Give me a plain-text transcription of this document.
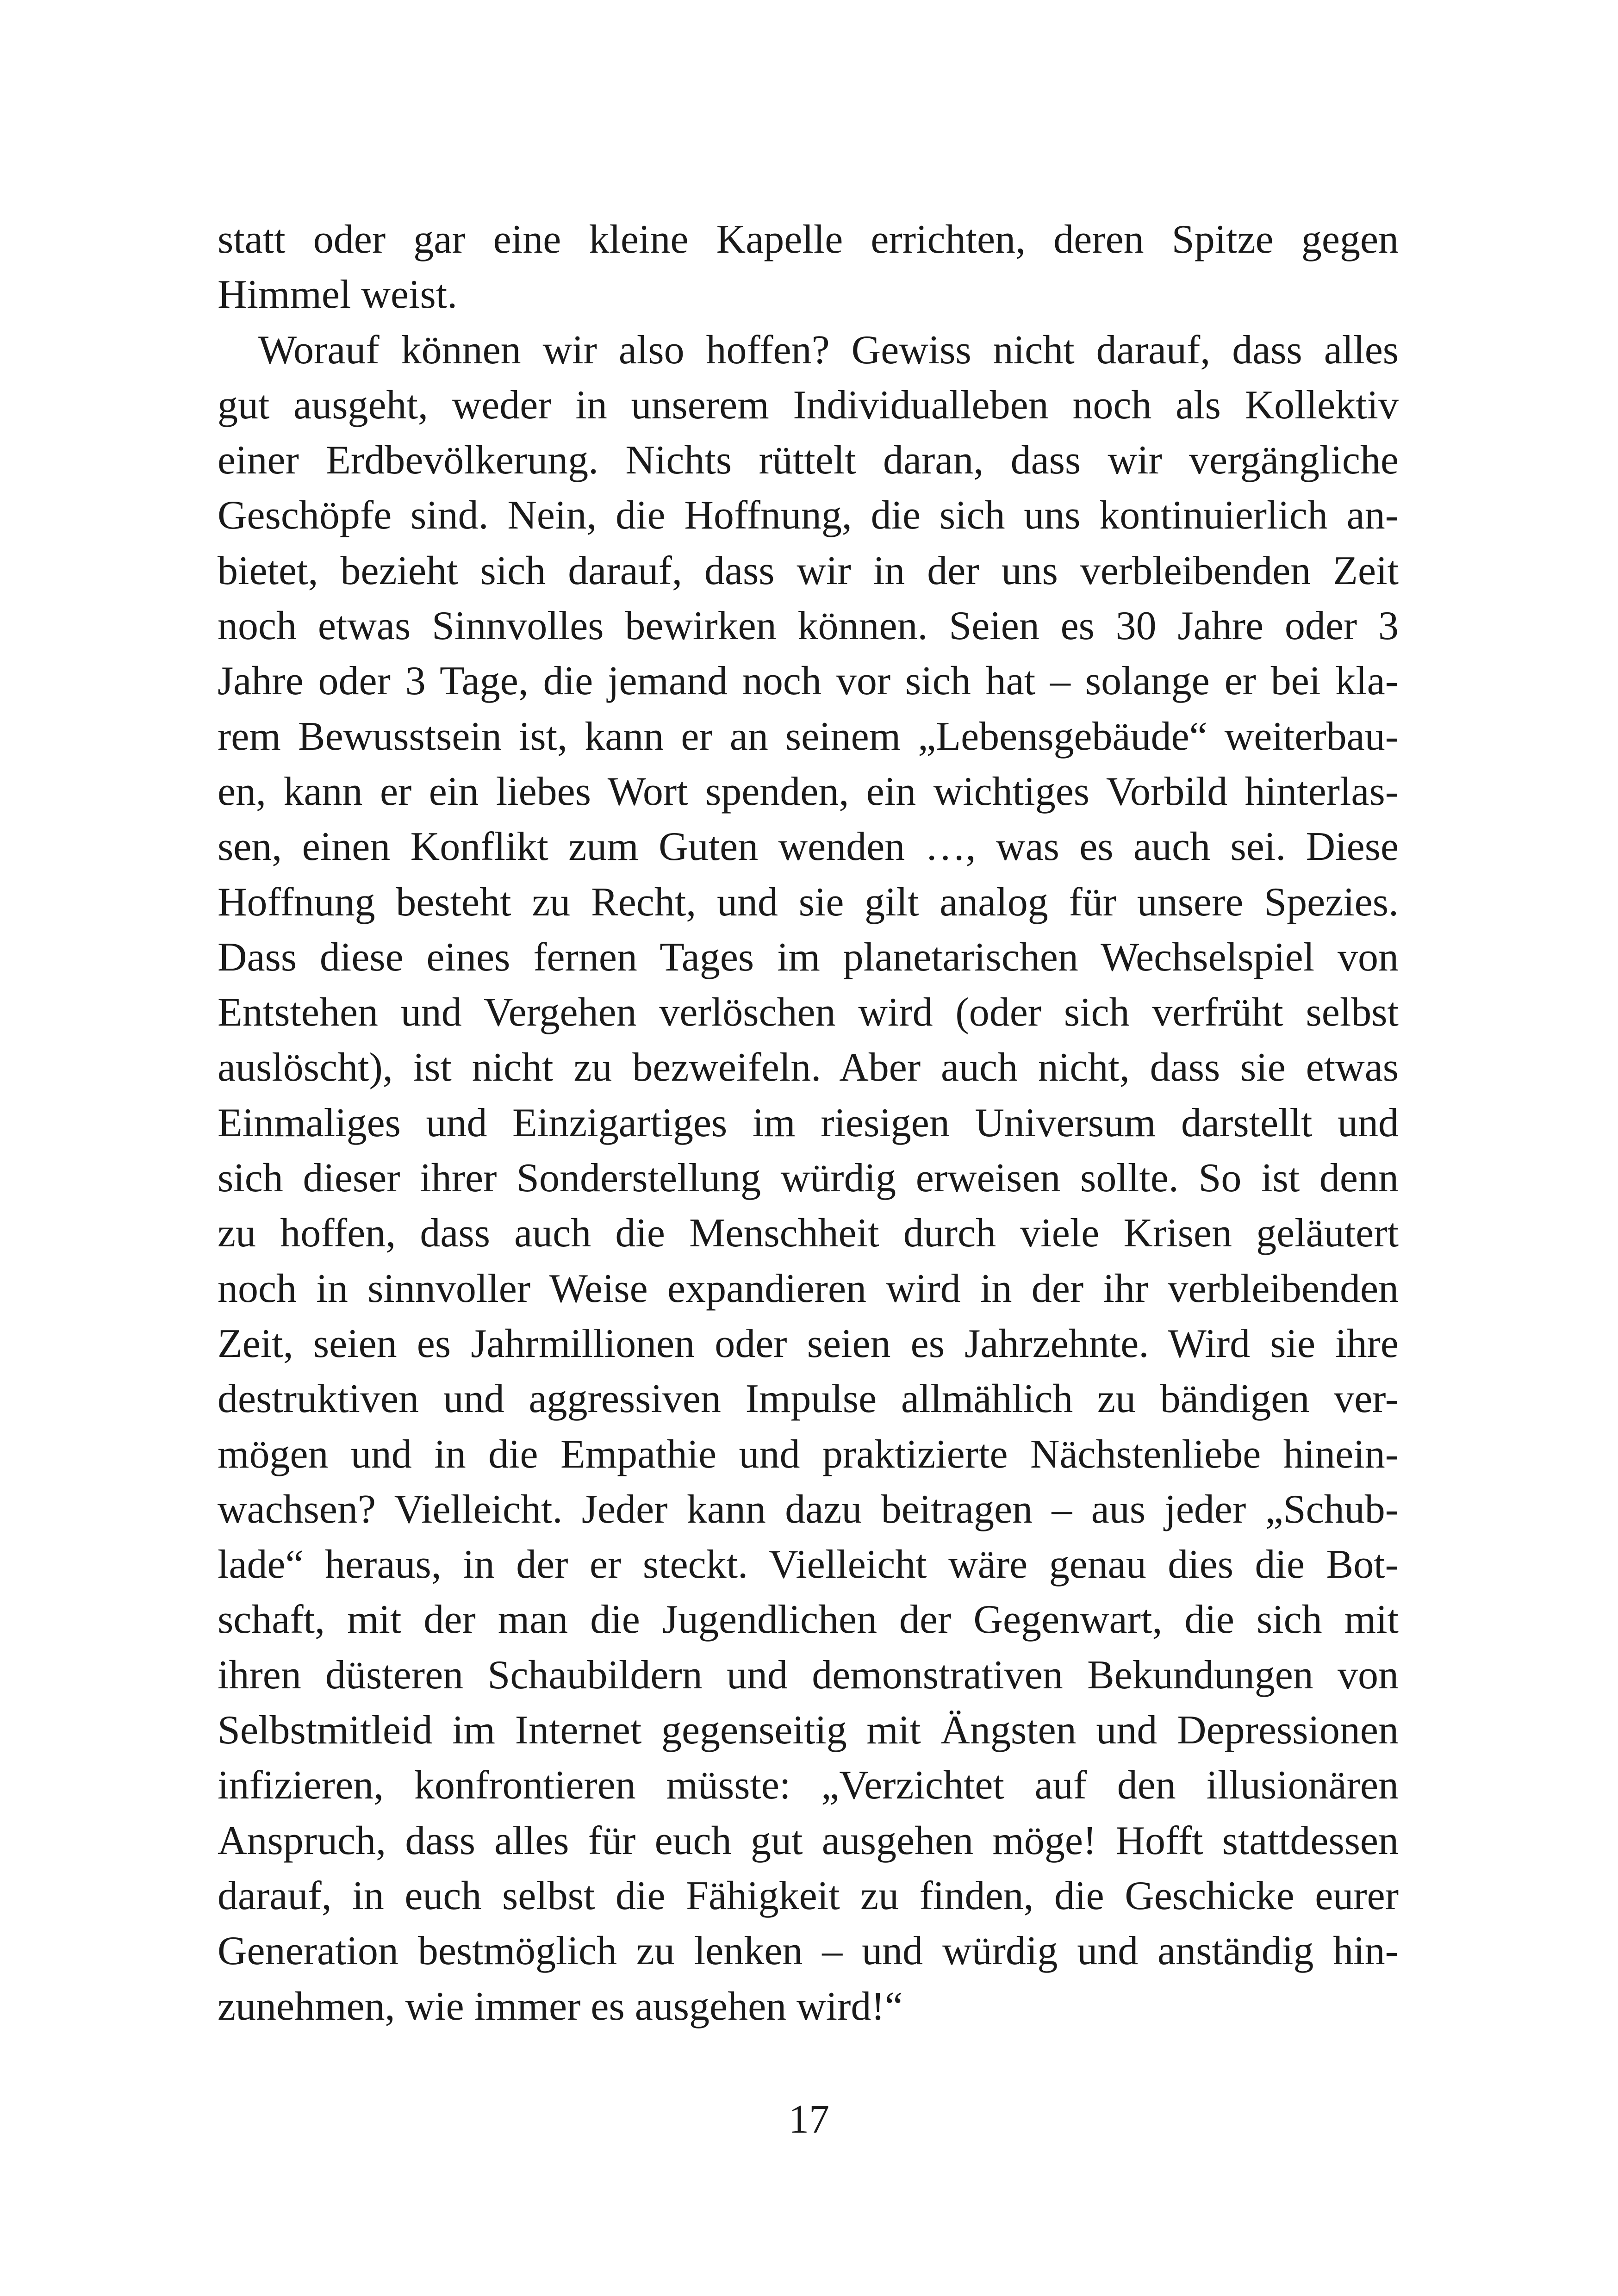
statt oder gar eine kleine Kapelle errichten, deren Spitze gegen
Himmel weist.
Worauf können wir also hoffen? Gewiss nicht darauf, dass alles
gut ausgeht, weder in unserem Individualleben noch als Kollektiv
einer Erdbevölkerung. Nichts rüttelt daran, dass wir vergängliche
Geschöpfe sind. Nein, die Hoffnung, die sich uns kontinuierlich an-
bietet, bezieht sich darauf, dass wir in der uns verbleibenden Zeit
noch etwas Sinnvolles bewirken können. Seien es 30 Jahre oder 3
Jahre oder 3 Tage, die jemand noch vor sich hat – solange er bei kla-
rem Bewusstsein ist, kann er an seinem „Lebensgebäude“ weiterbau-
en, kann er ein liebes Wort spenden, ein wichtiges Vorbild hinterlas-
sen, einen Konflikt zum Guten wenden …, was es auch sei. Diese
Hoffnung besteht zu Recht, und sie gilt analog für unsere Spezies.
Dass diese eines fernen Tages im planetarischen Wechselspiel von
Entstehen und Vergehen verlöschen wird (oder sich verfrüht selbst
auslöscht), ist nicht zu bezweifeln. Aber auch nicht, dass sie etwas
Einmaliges und Einzigartiges im riesigen Universum darstellt und
sich dieser ihrer Sonderstellung würdig erweisen sollte. So ist denn
zu hoffen, dass auch die Menschheit durch viele Krisen geläutert
noch in sinnvoller Weise expandieren wird in der ihr verbleibenden
Zeit, seien es Jahrmillionen oder seien es Jahrzehnte. Wird sie ihre
destruktiven und aggressiven Impulse allmählich zu bändigen ver-
mögen und in die Empathie und praktizierte Nächstenliebe hinein-
wachsen? Vielleicht. Jeder kann dazu beitragen – aus jeder „Schub-
lade“ heraus, in der er steckt. Vielleicht wäre genau dies die Bot-
schaft, mit der man die Jugendlichen der Gegenwart, die sich mit
ihren düsteren Schaubildern und demonstrativen Bekundungen von
Selbstmitleid im Internet gegenseitig mit Ängsten und Depressionen
infizieren, konfrontieren müsste: „Verzichtet auf den illusionären
Anspruch, dass alles für euch gut ausgehen möge! Hofft stattdessen
darauf, in euch selbst die Fähigkeit zu finden, die Geschicke eurer
Generation bestmöglich zu lenken – und würdig und anständig hin-
zunehmen, wie immer es ausgehen wird!“
17
